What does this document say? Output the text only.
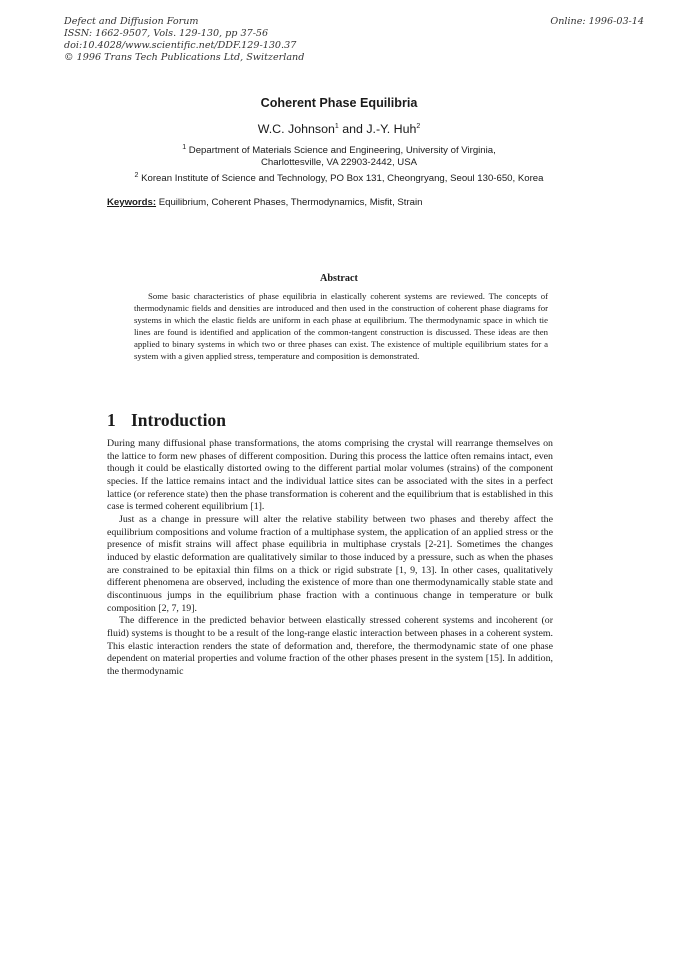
Defect and Diffusion Forum
ISSN: 1662-9507, Vols. 129-130, pp 37-56
doi:10.4028/www.scientific.net/DDF.129-130.37
© 1996 Trans Tech Publications Ltd, Switzerland
Online: 1996-03-14
Coherent Phase Equilibria
W.C. Johnson$^1$ and J.-Y. Huh$^2$
$^1$ Department of Materials Science and Engineering, University of Virginia,
Charlottesville, VA 22903-2442, USA
$^2$ Korean Institute of Science and Technology, PO Box 131, Cheongryang, Seoul 130-650, Korea
Keywords: Equilibrium, Coherent Phases, Thermodynamics, Misfit, Strain
Abstract
Some basic characteristics of phase equilibria in elastically coherent systems are reviewed. The concepts of thermodynamic fields and densities are introduced and then used in the construction of coherent phase diagrams for systems in which the elastic fields are uniform in each phase at equilibrium. The thermodynamic space in which tie lines are found is identified and application of the common-tangent construction is discussed. These ideas are then applied to binary systems in which two or three phases can exist. The existence of multiple equilibrium states for a system with a given applied stress, temperature and composition is demonstrated.
1 Introduction

During many diffusional phase transformations, the atoms comprising the crystal will rearrange themselves on the lattice to form new phases of different composition. During this process the lattice often remains intact, even though it could be elastically distorted owing to the different partial molar volumes (strains) of the component species. If the lattice remains intact and the individual lattice sites can be associated with the sites in a perfect lattice (or reference state) then the phase transformation is coherent and the equilibrium that is established in this case is termed coherent equilibrium [1].

Just as a change in pressure will alter the relative stability between two phases and thereby affect the equilibrium compositions and volume fraction of a multiphase system, the application of an applied stress or the presence of misfit strains will affect phase equilibria in multiphase crystals [2-21]. Sometimes the changes induced by elastic deformation are qualitatively similar to those induced by a pressure, such as when the phases are constrained to be epitaxial thin films on a thick or rigid substrate [1, 9, 13]. In other cases, qualitatively different phenomena are observed, including the existence of more than one thermodynamically stable state and discontinuous jumps in the equilibrium phase fraction with a continuous change in temperature or bulk composition [2, 7, 19].

The difference in the predicted behavior between elastically stressed coherent systems and incoherent (or fluid) systems is thought to be a result of the long-range elastic interaction between phases in a coherent system. This elastic interaction renders the state of deformation and, therefore, the thermodynamic state of one phase dependent on material properties and volume fraction of the other phases present in the system [15]. In addition, the thermodynamic
